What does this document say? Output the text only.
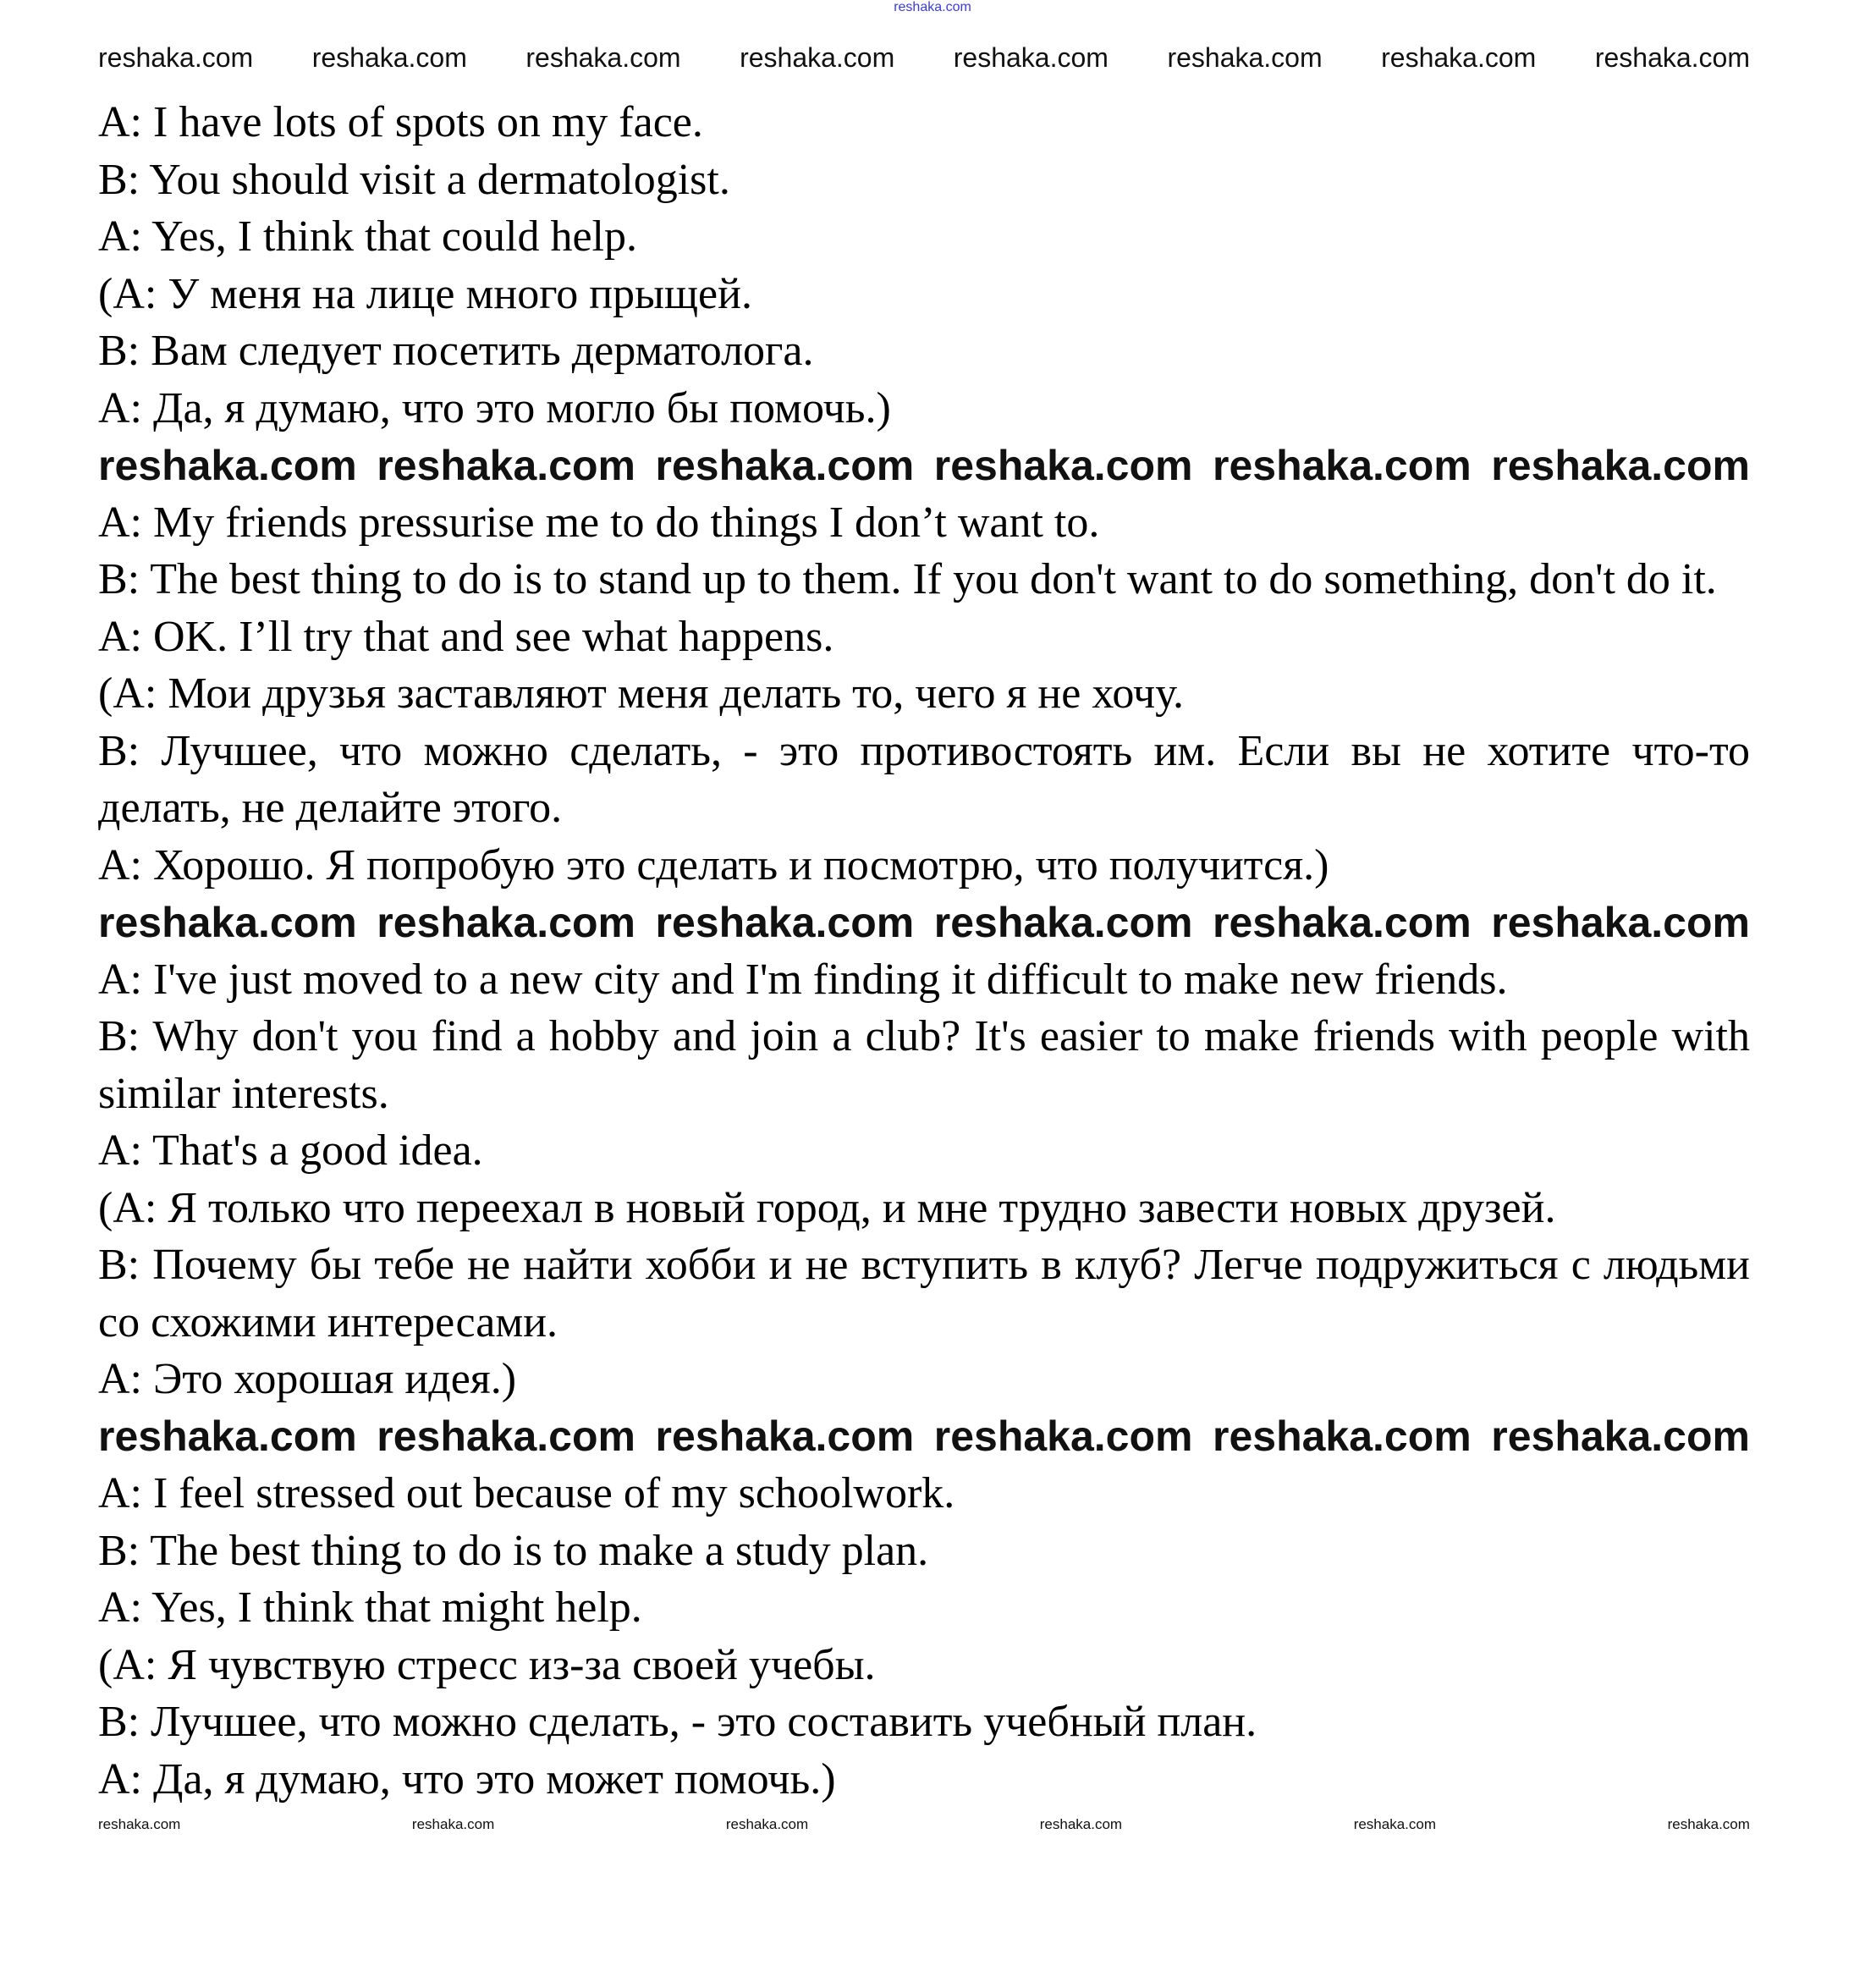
reshaka.com
reshaka.com reshaka.com reshaka.com reshaka.com reshaka.com reshaka.com reshaka.com reshaka.com
A: I have lots of spots on my face.
B: You should visit a dermatologist.
A: Yes, I think that could help.
(A: У меня на лице много прыщей.
B: Вам следует посетить дерматолога.
A: Да, я думаю, что это могло бы помочь.)
reshaka.com reshaka.com reshaka.com reshaka.com reshaka.com reshaka.com
A: My friends pressurise me to do things I don’t want to.
B: The best thing to do is to stand up to them. If you don't want to do something, don't do it.
A: OK. I’ll try that and see what happens.
(A: Мои друзья заставляют меня делать то, чего я не хочу.
B: Лучшее, что можно сделать, - это противостоять им. Если вы не хотите что-то делать, не делайте этого.
A: Хорошо. Я попробую это сделать и посмотрю, что получится.)
reshaka.com reshaka.com reshaka.com reshaka.com reshaka.com reshaka.com
A: I've just moved to a new city and I'm finding it difficult to make new friends.
B: Why don't you find a hobby and join a club? It's easier to make friends with people with similar interests.
A: That's a good idea.
(A: Я только что переехал в новый город, и мне трудно завести новых друзей.
B: Почему бы тебе не найти хобби и не вступить в клуб? Легче подружиться с людьми со схожими интересами.
A: Это хорошая идея.)
reshaka.com reshaka.com reshaka.com reshaka.com reshaka.com reshaka.com
A: I feel stressed out because of my schoolwork.
B: The best thing to do is to make a study plan.
A: Yes, I think that might help.
(A: Я чувствую стресс из-за своей учебы.
B: Лучшее, что можно сделать, - это составить учебный план.
A: Да, я думаю, что это может помочь.)
reshaka.com	reshaka.com	reshaka.com	reshaka.com	reshaka.com	reshaka.com
